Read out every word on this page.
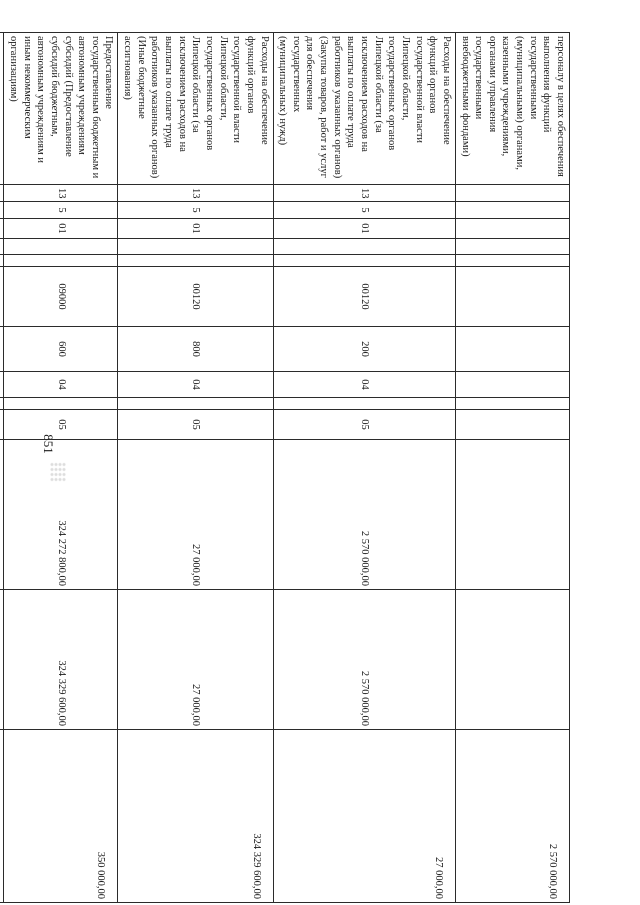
851
персоналу в целях обеспечения выполнения функций государственными (муниципальными) органами, казенными учреждениями, органами управления государственными внебюджетными фондами)													2 570 000,00
Расходы на обеспечение функций органов государственной власти Липецкой области, государственных органов Липецкой области (за исключением расходов на выплаты по оплате труда работников указанных органов) (Закупка товаров, работ и услуг для обеспечения государственных (муниципальных) нужд)	13	5	01			00120	200	04		05	2 570 000,00	2 570 000,00	27 000,00
Расходы на обеспечение функций органов государственной власти Липецкой области, государственных органов Липецкой области (за исключением расходов на выплаты по оплате труда работников указанных органов) (Иные бюджетные ассигнования)	13	5	01			00120	800	04		05	27 000,00	27 000,00	324 329 600,00
Предоставление государственным бюджетным и автономным учреждениям субсидий (Предоставление субсидий бюджетным, автономным учреждениям и иным некоммерческим организациям)	13	5	01			09000	600	04		05	324 272 800,00	324 329 600,00	350 000,00
